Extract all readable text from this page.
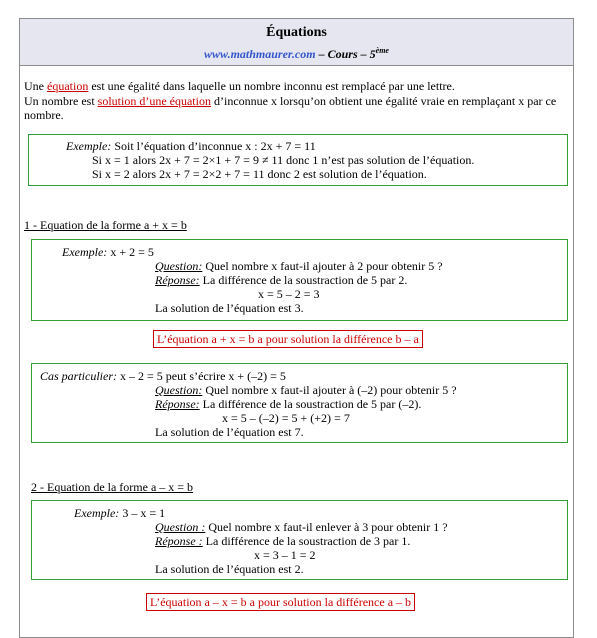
Équations
www.mathmaurer.com – Cours – 5ème
Une équation est une égalité dans laquelle un nombre inconnu est remplacé par une lettre.
Un nombre est solution d’une équation d’inconnue x lorsqu’on obtient une égalité vraie en remplaçant x par ce
nombre.
Exemple: Soit l’équation d’inconnue x : 2x + 7 = 11
Si x = 1 alors 2x + 7 = 2×1 + 7 = 9 ≠ 11 donc 1 n’est pas solution de l’équation.
Si x = 2 alors 2x + 7 = 2×2 + 7 = 11 donc 2 est solution de l’équation.
1 - Equation de la forme a + x = b
Exemple: x + 2 = 5
Question: Quel nombre x faut-il ajouter à 2 pour obtenir 5 ?
Réponse: La différence de la soustraction de 5 par 2.
x = 5 – 2 = 3
La solution de l’équation est 3.
L’équation a + x = b a pour solution la différence b – a
Cas particulier: x – 2 = 5 peut s’écrire x + (–2) = 5
Question: Quel nombre x faut-il ajouter à (–2) pour obtenir 5 ?
Réponse: La différence de la soustraction de 5 par (–2).
x = 5 – (–2) = 5 + (+2) = 7
La solution de l’équation est 7.
2 - Equation de la forme a – x = b
Exemple: 3 – x = 1
Question : Quel nombre x faut-il enlever à 3 pour obtenir 1 ?
Réponse : La différence de la soustraction de 3 par 1.
x = 3 – 1 = 2
La solution de l’équation est 2.
L’équation a – x = b a pour solution la différence a – b
